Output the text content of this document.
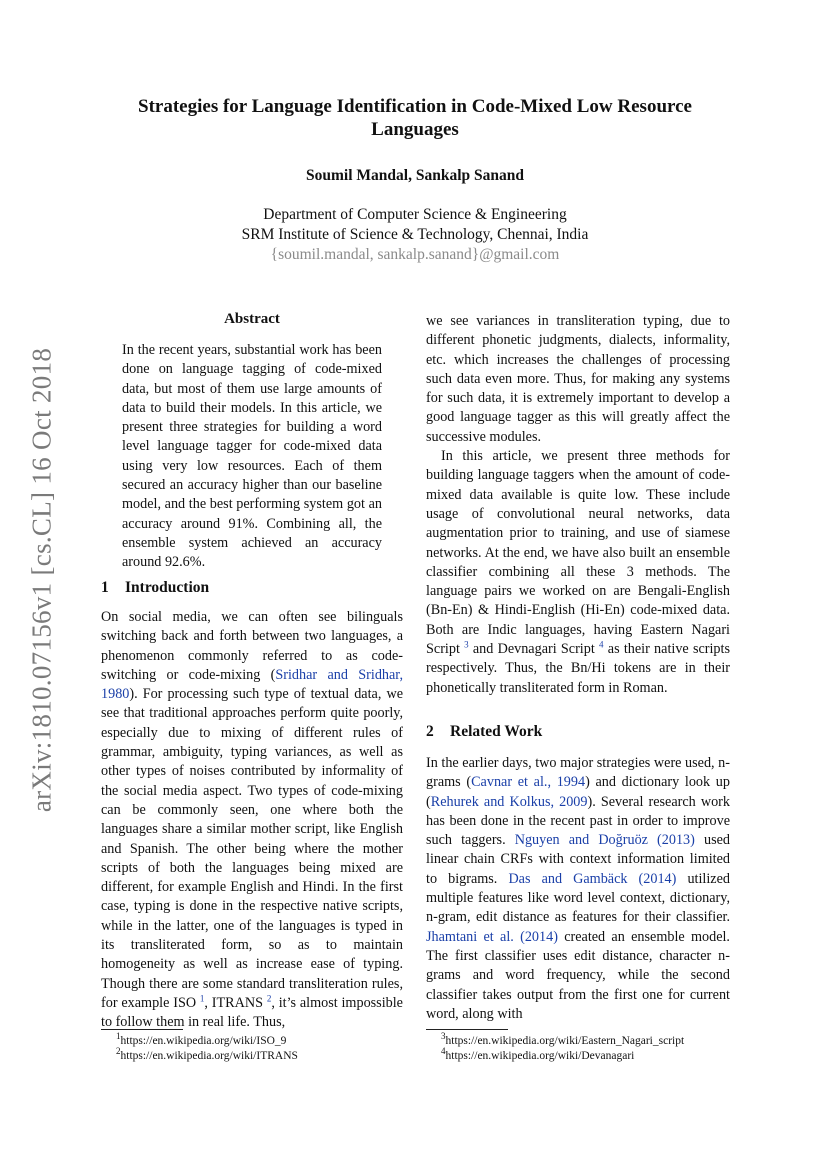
arXiv:1810.07156v1 [cs.CL] 16 Oct 2018
Strategies for Language Identification in Code-Mixed Low Resource Languages
Soumil Mandal, Sankalp Sanand
Department of Computer Science & Engineering
SRM Institute of Science & Technology, Chennai, India
{soumil.mandal, sankalp.sanand}@gmail.com
Abstract
In the recent years, substantial work has been done on language tagging of code-mixed data, but most of them use large amounts of data to build their models. In this article, we present three strategies for building a word level language tagger for code-mixed data using very low resources. Each of them secured an accuracy higher than our baseline model, and the best performing system got an accuracy around 91%. Combining all, the ensemble system achieved an accuracy around 92.6%.
1 Introduction

On social media, we can often see bilinguals switching back and forth between two languages, a phenomenon commonly referred to as code-switching or code-mixing (Sridhar and Sridhar, 1980). For processing such type of textual data, we see that traditional approaches perform quite poorly, especially due to mixing of different rules of grammar, ambiguity, typing variances, as well as other types of noises contributed by informality of the social media aspect. Two types of code-mixing can be commonly seen, one where both the languages share a similar mother script, like English and Spanish. The other being where the mother scripts of both the languages being mixed are different, for example English and Hindi. In the first case, typing is done in the respective native scripts, while in the latter, one of the languages is typed in its transliterated form, so as to maintain homogeneity as well as increase ease of typing. Though there are some standard transliteration rules, for example ISO $^1$, ITRANS $^2$, it’s almost impossible to follow them in real life. Thus,

$^1$https://en.wikipedia.org/wiki/ISO_9
$^2$https://en.wikipedia.org/wiki/ITRANS

we see variances in transliteration typing, due to different phonetic judgments, dialects, informality, etc. which increases the challenges of processing such data even more. Thus, for making any systems for such data, it is extremely important to develop a good language tagger as this will greatly affect the successive modules.

In this article, we present three methods for building language taggers when the amount of code-mixed data available is quite low. These include usage of convolutional neural networks, data augmentation prior to training, and use of siamese networks. At the end, we have also built an ensemble classifier combining all these 3 methods. The language pairs we worked on are Bengali-English (Bn-En) & Hindi-English (Hi-En) code-mixed data. Both are Indic languages, having Eastern Nagari Script $^3$ and Devnagari Script $^4$ as their native scripts respectively. Thus, the Bn/Hi tokens are in their phonetically transliterated form in Roman.

2 Related Work

In the earlier days, two major strategies were used, n-grams (Cavnar et al., 1994) and dictionary look up (Rehurek and Kolkus, 2009). Several research work has been done in the recent past in order to improve such taggers. Nguyen and Doğruöz (2013) used linear chain CRFs with context information limited to bigrams. Das and Gambäck (2014) utilized multiple features like word level context, dictionary, n-gram, edit distance as features for their classifier. Jhamtani et al. (2014) created an ensemble model. The first classifier uses edit distance, character n-grams and word frequency, while the second classifier takes output from the first one for current word, along with

$^3$https://en.wikipedia.org/wiki/Eastern_Nagari_script
$^4$https://en.wikipedia.org/wiki/Devanagari
